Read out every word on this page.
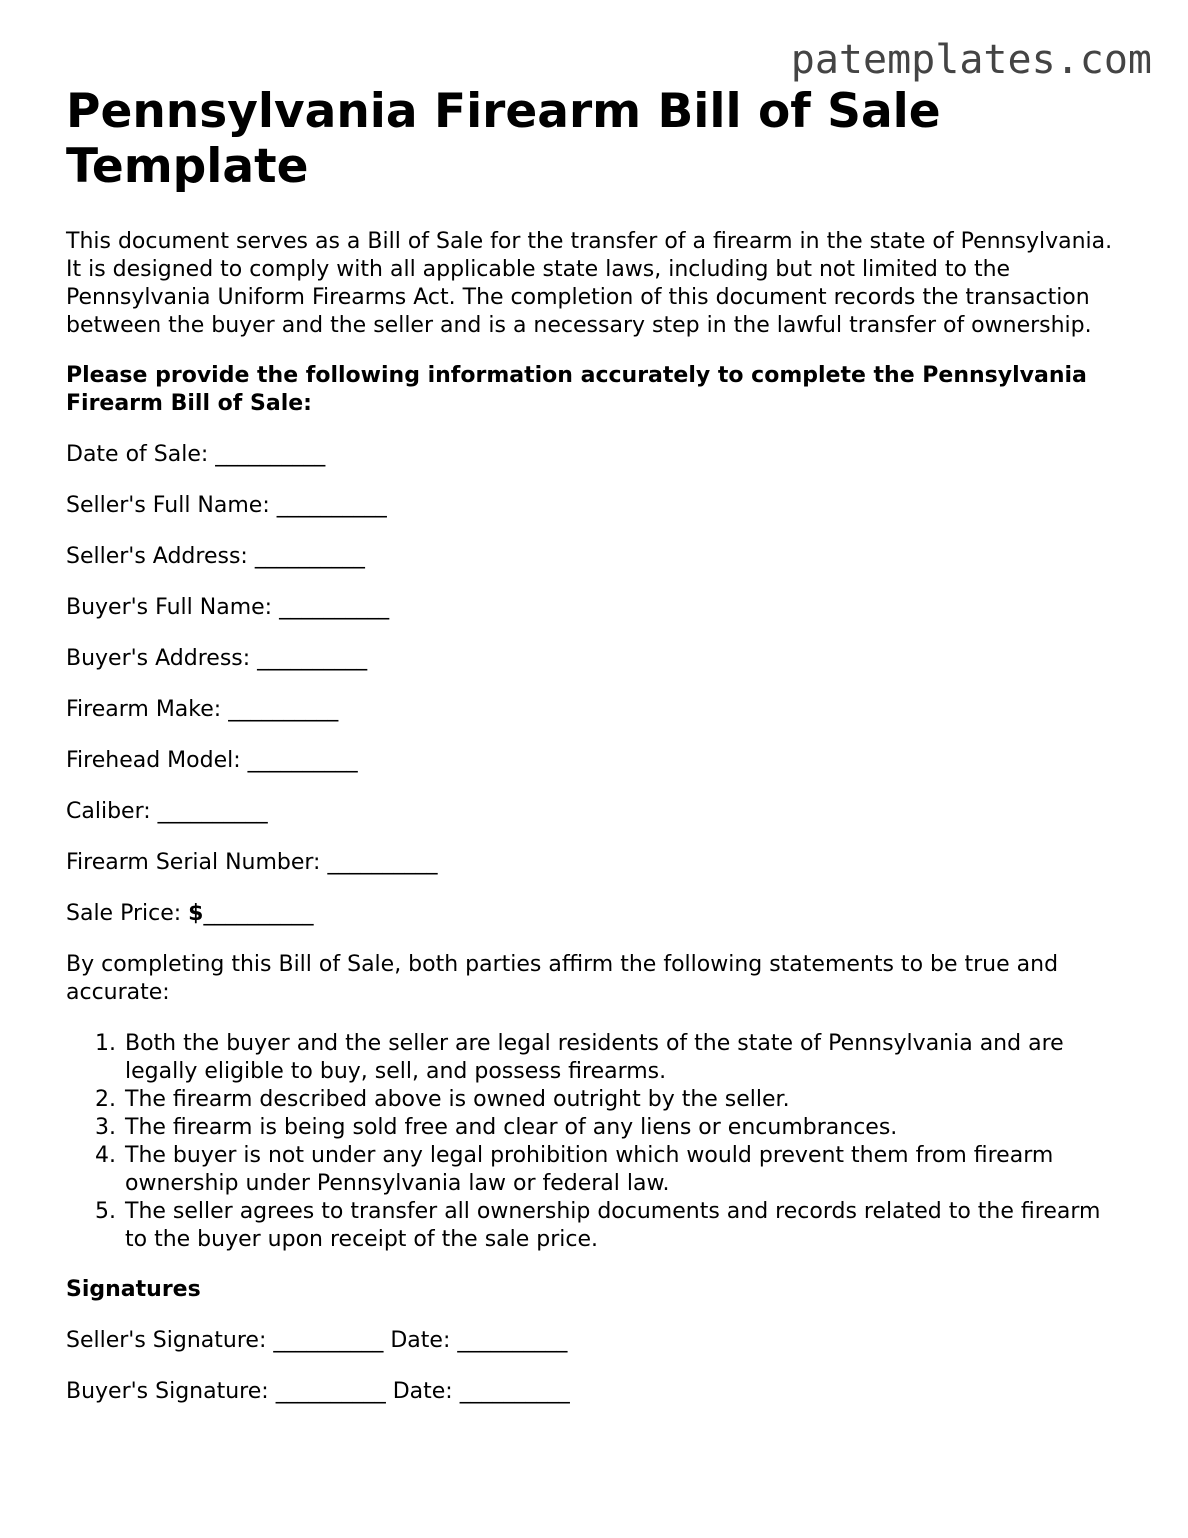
patemplates.com
Pennsylvania Firearm Bill of Sale Template

This document serves as a Bill of Sale for the transfer of a firearm in the state of Pennsylvania. It is designed to comply with all applicable state laws, including but not limited to the Pennsylvania Uniform Firearms Act. The completion of this document records the transaction between the buyer and the seller and is a necessary step in the lawful transfer of ownership.

Please provide the following information accurately to complete the Pennsylvania Firearm Bill of Sale:

Date of Sale: __________

Seller's Full Name: __________

Seller's Address: __________

Buyer's Full Name: __________

Buyer's Address: __________

Firearm Make: __________

Firehead Model: __________

Caliber: __________

Firearm Serial Number: __________

Sale Price: $__________

By completing this Bill of Sale, both parties affirm the following statements to be true and accurate:

1. Both the buyer and the seller are legal residents of the state of Pennsylvania and are legally eligible to buy, sell, and possess firearms.
2. The firearm described above is owned outright by the seller.
3. The firearm is being sold free and clear of any liens or encumbrances.
4. The buyer is not under any legal prohibition which would prevent them from firearm ownership under Pennsylvania law or federal law.
5. The seller agrees to transfer all ownership documents and records related to the firearm to the buyer upon receipt of the sale price.

Signatures

Seller's Signature: __________ Date: __________

Buyer's Signature: __________ Date: __________
